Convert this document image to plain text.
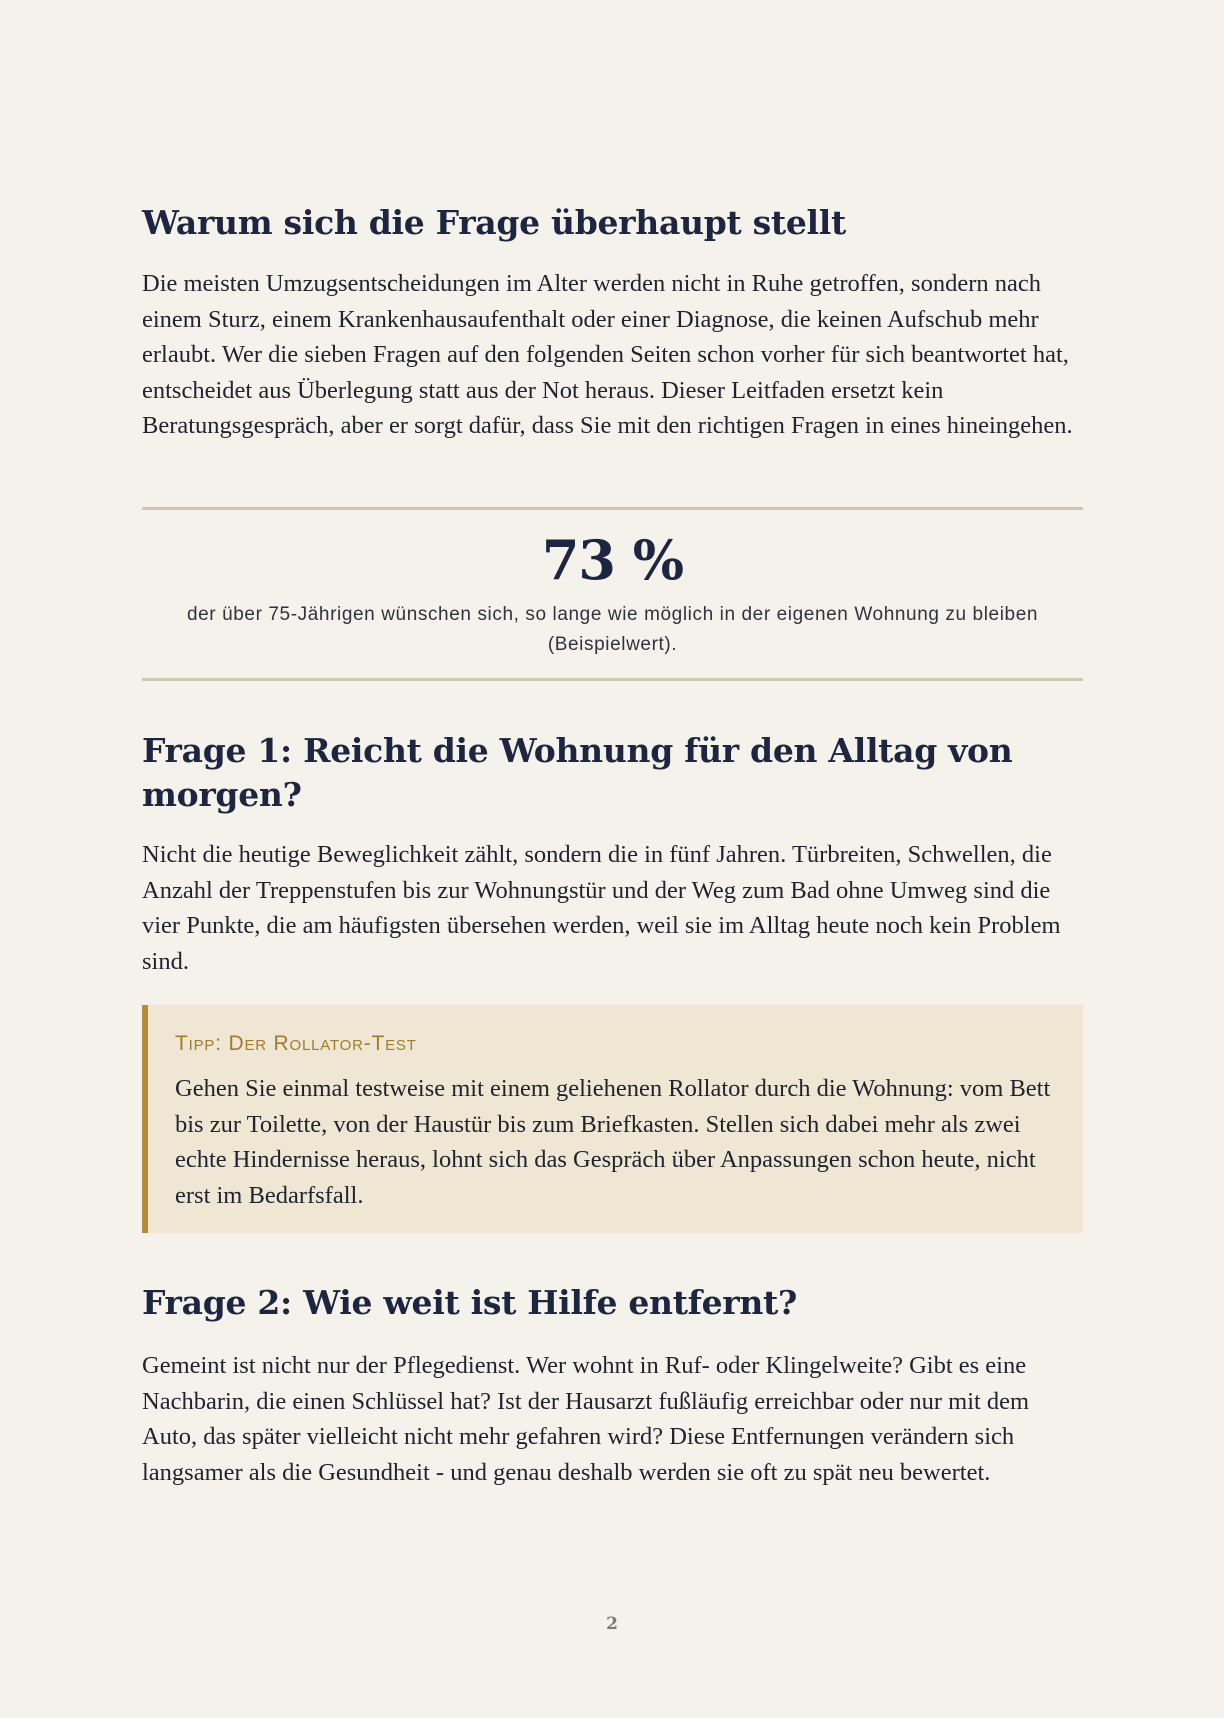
Warum sich die Frage überhaupt stellt

Die meisten Umzugsentscheidungen im Alter werden nicht in Ruhe getroffen, sondern nach einem Sturz, einem Krankenhausaufenthalt oder einer Diagnose, die keinen Aufschub mehr erlaubt. Wer die sieben Fragen auf den folgenden Seiten schon vorher für sich beantwortet hat, entscheidet aus Überlegung statt aus der Not heraus. Dieser Leitfaden ersetzt kein Beratungsgespräch, aber er sorgt dafür, dass Sie mit den richtigen Fragen in eines hineingehen.

73 %
der über 75-Jährigen wünschen sich, so lange wie möglich in der eigenen Wohnung zu bleiben (Beispielwert).
Frage 1: Reicht die Wohnung für den Alltag von morgen?

Nicht die heutige Beweglichkeit zählt, sondern die in fünf Jahren. Türbreiten, Schwellen, die Anzahl der Treppenstufen bis zur Wohnungstür und der Weg zum Bad ohne Umweg sind die vier Punkte, die am häufigsten übersehen werden, weil sie im Alltag heute noch kein Problem sind.

Tipp: Der Rollator-Test

Gehen Sie einmal testweise mit einem geliehenen Rollator durch die Wohnung: vom Bett bis zur Toilette, von der Haustür bis zum Briefkasten. Stellen sich dabei mehr als zwei echte Hindernisse heraus, lohnt sich das Gespräch über Anpassungen schon heute, nicht erst im Bedarfsfall.

Frage 2: Wie weit ist Hilfe entfernt?

Gemeint ist nicht nur der Pflegedienst. Wer wohnt in Ruf- oder Klingelweite? Gibt es eine Nachbarin, die einen Schlüssel hat? Ist der Hausarzt fußläufig erreichbar oder nur mit dem Auto, das später vielleicht nicht mehr gefahren wird? Diese Entfernungen verändern sich langsamer als die Gesundheit - und genau deshalb werden sie oft zu spät neu bewertet.

2
